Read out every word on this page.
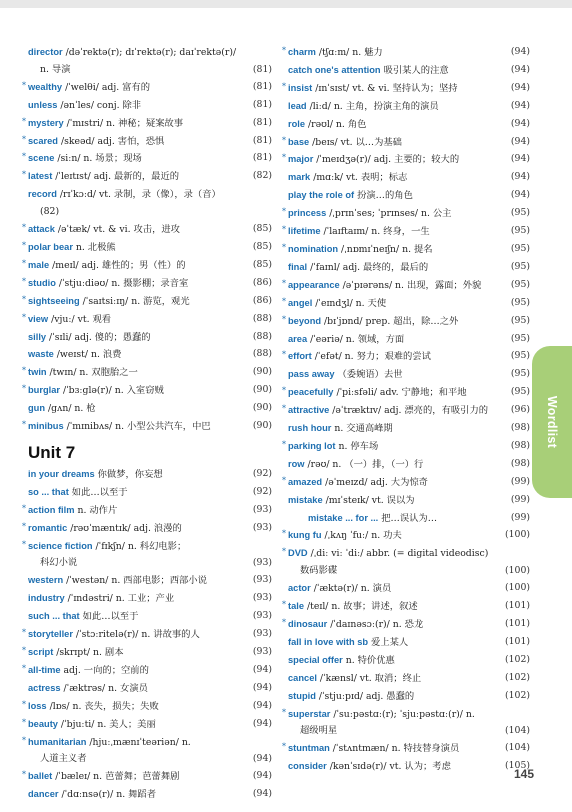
director /dəˈrektə(r); dɪˈrektə(r); daɪˈrektə(r)/
n. 导演	(81)
* wealthy /ˈwelθi/ adj. 富有的	(81)
unless /ənˈles/ conj. 除非	(81)
* mystery /ˈmɪstri/ n. 神秘；疑案故事	(81)
* scared /skeəd/ adj. 害怕，恐惧	(81)
* scene /siːn/ n. 场景；现场	(81)
* latest /ˈleɪtɪst/ adj. 最新的，最近的	(82)
record /rɪˈkɔːd/ vt. 录制，录（像），录（音）
(82)
* attack /əˈtæk/ vt. & vi. 攻击，进攻	(85)
* polar bear n. 北极熊	(85)
* male /meɪl/ adj. 雄性的；男（性）的	(85)
* studio /ˈstjuːdiəʊ/ n. 摄影棚；录音室	(86)
* sightseeing /ˈsaɪtsiːɪŋ/ n. 游览，观光	(86)
* view /vjuː/ vt. 观看	(88)
silly /ˈsɪli/ adj. 傻的；愚蠢的	(88)
waste /weɪst/ n. 浪费	(88)
* twin /twɪn/ n. 双胞胎之一	(90)
* burglar /ˈbɜːglə(r)/ n. 入室窃贼	(90)
gun /gʌn/ n. 枪	(90)
* minibus /ˈmɪnibʌs/ n. 小型公共汽车，中巴	(90)
Unit 7
in your dreams 你做梦，你妄想	(92)
so ... that 如此…以至于	(92)
* action film n. 动作片	(93)
* romantic /rəʊˈmæntɪk/ adj. 浪漫的	(93)
* science fiction /ˈfɪkʃn/ n. 科幻电影；
科幻小说	(93)
western /ˈwestən/ n. 西部电影；西部小说	(93)
industry /ˈɪndəstri/ n. 工业；产业	(93)
such ... that 如此…以至于	(93)
* storyteller /ˈstɔːritelə(r)/ n. 讲故事的人	(93)
* script /skrɪpt/ n. 剧本	(93)
* all-time adj. 一向的；空前的	(94)
actress /ˈæktrəs/ n. 女演员	(94)
* loss /lɒs/ n. 丧失，损失；失败	(94)
* beauty /ˈbjuːti/ n. 美人；美丽	(94)
* humanitarian /hjuːˌmænɪˈteəriən/ n.
人道主义者	(94)
* ballet /ˈbæleɪ/ n. 芭蕾舞；芭蕾舞剧	(94)
dancer /ˈdɑːnsə(r)/ n. 舞蹈者	(94)
* charm /tʃɑːm/ n. 魅力	(94)
catch one's attention 吸引某人的注意	(94)
* insist /ɪnˈsɪst/ vt. & vi. 坚持认为；坚持	(94)
lead /liːd/ n. 主角，扮演主角的演员	(94)
role /rəʊl/ n. 角色	(94)
* base /beɪs/ vt. 以…为基础	(94)
* major /ˈmeɪdʒə(r)/ adj. 主要的；较大的	(94)
mark /mɑːk/ vt. 表明；标志	(94)
play the role of 扮演…的角色	(94)
* princess /ˌprɪnˈses; ˈprɪnses/ n. 公主	(95)
* lifetime /ˈlaɪftaɪm/ n. 终身，一生	(95)
* nomination /ˌnɒmɪˈneɪʃn/ n. 提名	(95)
final /ˈfaɪnl/ adj. 最终的，最后的	(95)
* appearance /əˈpɪərəns/ n. 出现，露面；外貌	(95)
* angel /ˈeɪndʒl/ n. 天使	(95)
* beyond /bɪˈjɒnd/ prep. 超出，除…之外	(95)
area /ˈeəriə/ n. 领域，方面	(95)
* effort /ˈefət/ n. 努力；艰难的尝试	(95)
pass away （委婉语）去世	(95)
* peacefully /ˈpiːsfəli/ adv. 宁静地；和平地	(95)
* attractive /əˈtræktɪv/ adj. 漂亮的，有吸引力的 (96)
rush hour n. 交通高峰期	(98)
* parking lot n. 停车场	(98)
row /rəʊ/ n. （一）排，（一）行	(98)
* amazed /əˈmeɪzd/ adj. 大为惊奇	(99)
mistake /mɪˈsteɪk/ vt. 误以为	(99)
mistake ... for ... 把…误认为…	(99)
* kung fu /ˌkʌŋ ˈfuː/ n. 功夫	(100)
* DVD /ˌdiː viː ˈdiː/ abbr. (= digital videodisc)
数码影碟	(100)
actor /ˈæktə(r)/ n. 演员	(100)
* tale /teɪl/ n. 故事；讲述，叙述	(101)
* dinosaur /ˈdaɪnəsɔː(r)/ n. 恐龙	(101)
fall in love with sb 爱上某人	(101)
special offer n. 特价优惠	(102)
cancel /ˈkænsl/ vt. 取消；终止	(102)
stupid /ˈstjuːpɪd/ adj. 愚蠢的	(102)
* superstar /ˈsuːpəstɑː(r); ˈsjuːpəstɑː(r)/ n.
超级明星	(104)
* stuntman /ˈstʌntmæn/ n. 特技替身演员	(104)
consider /kənˈsɪdə(r)/ vt. 认为；考虑	(105)
Wordlist
145
